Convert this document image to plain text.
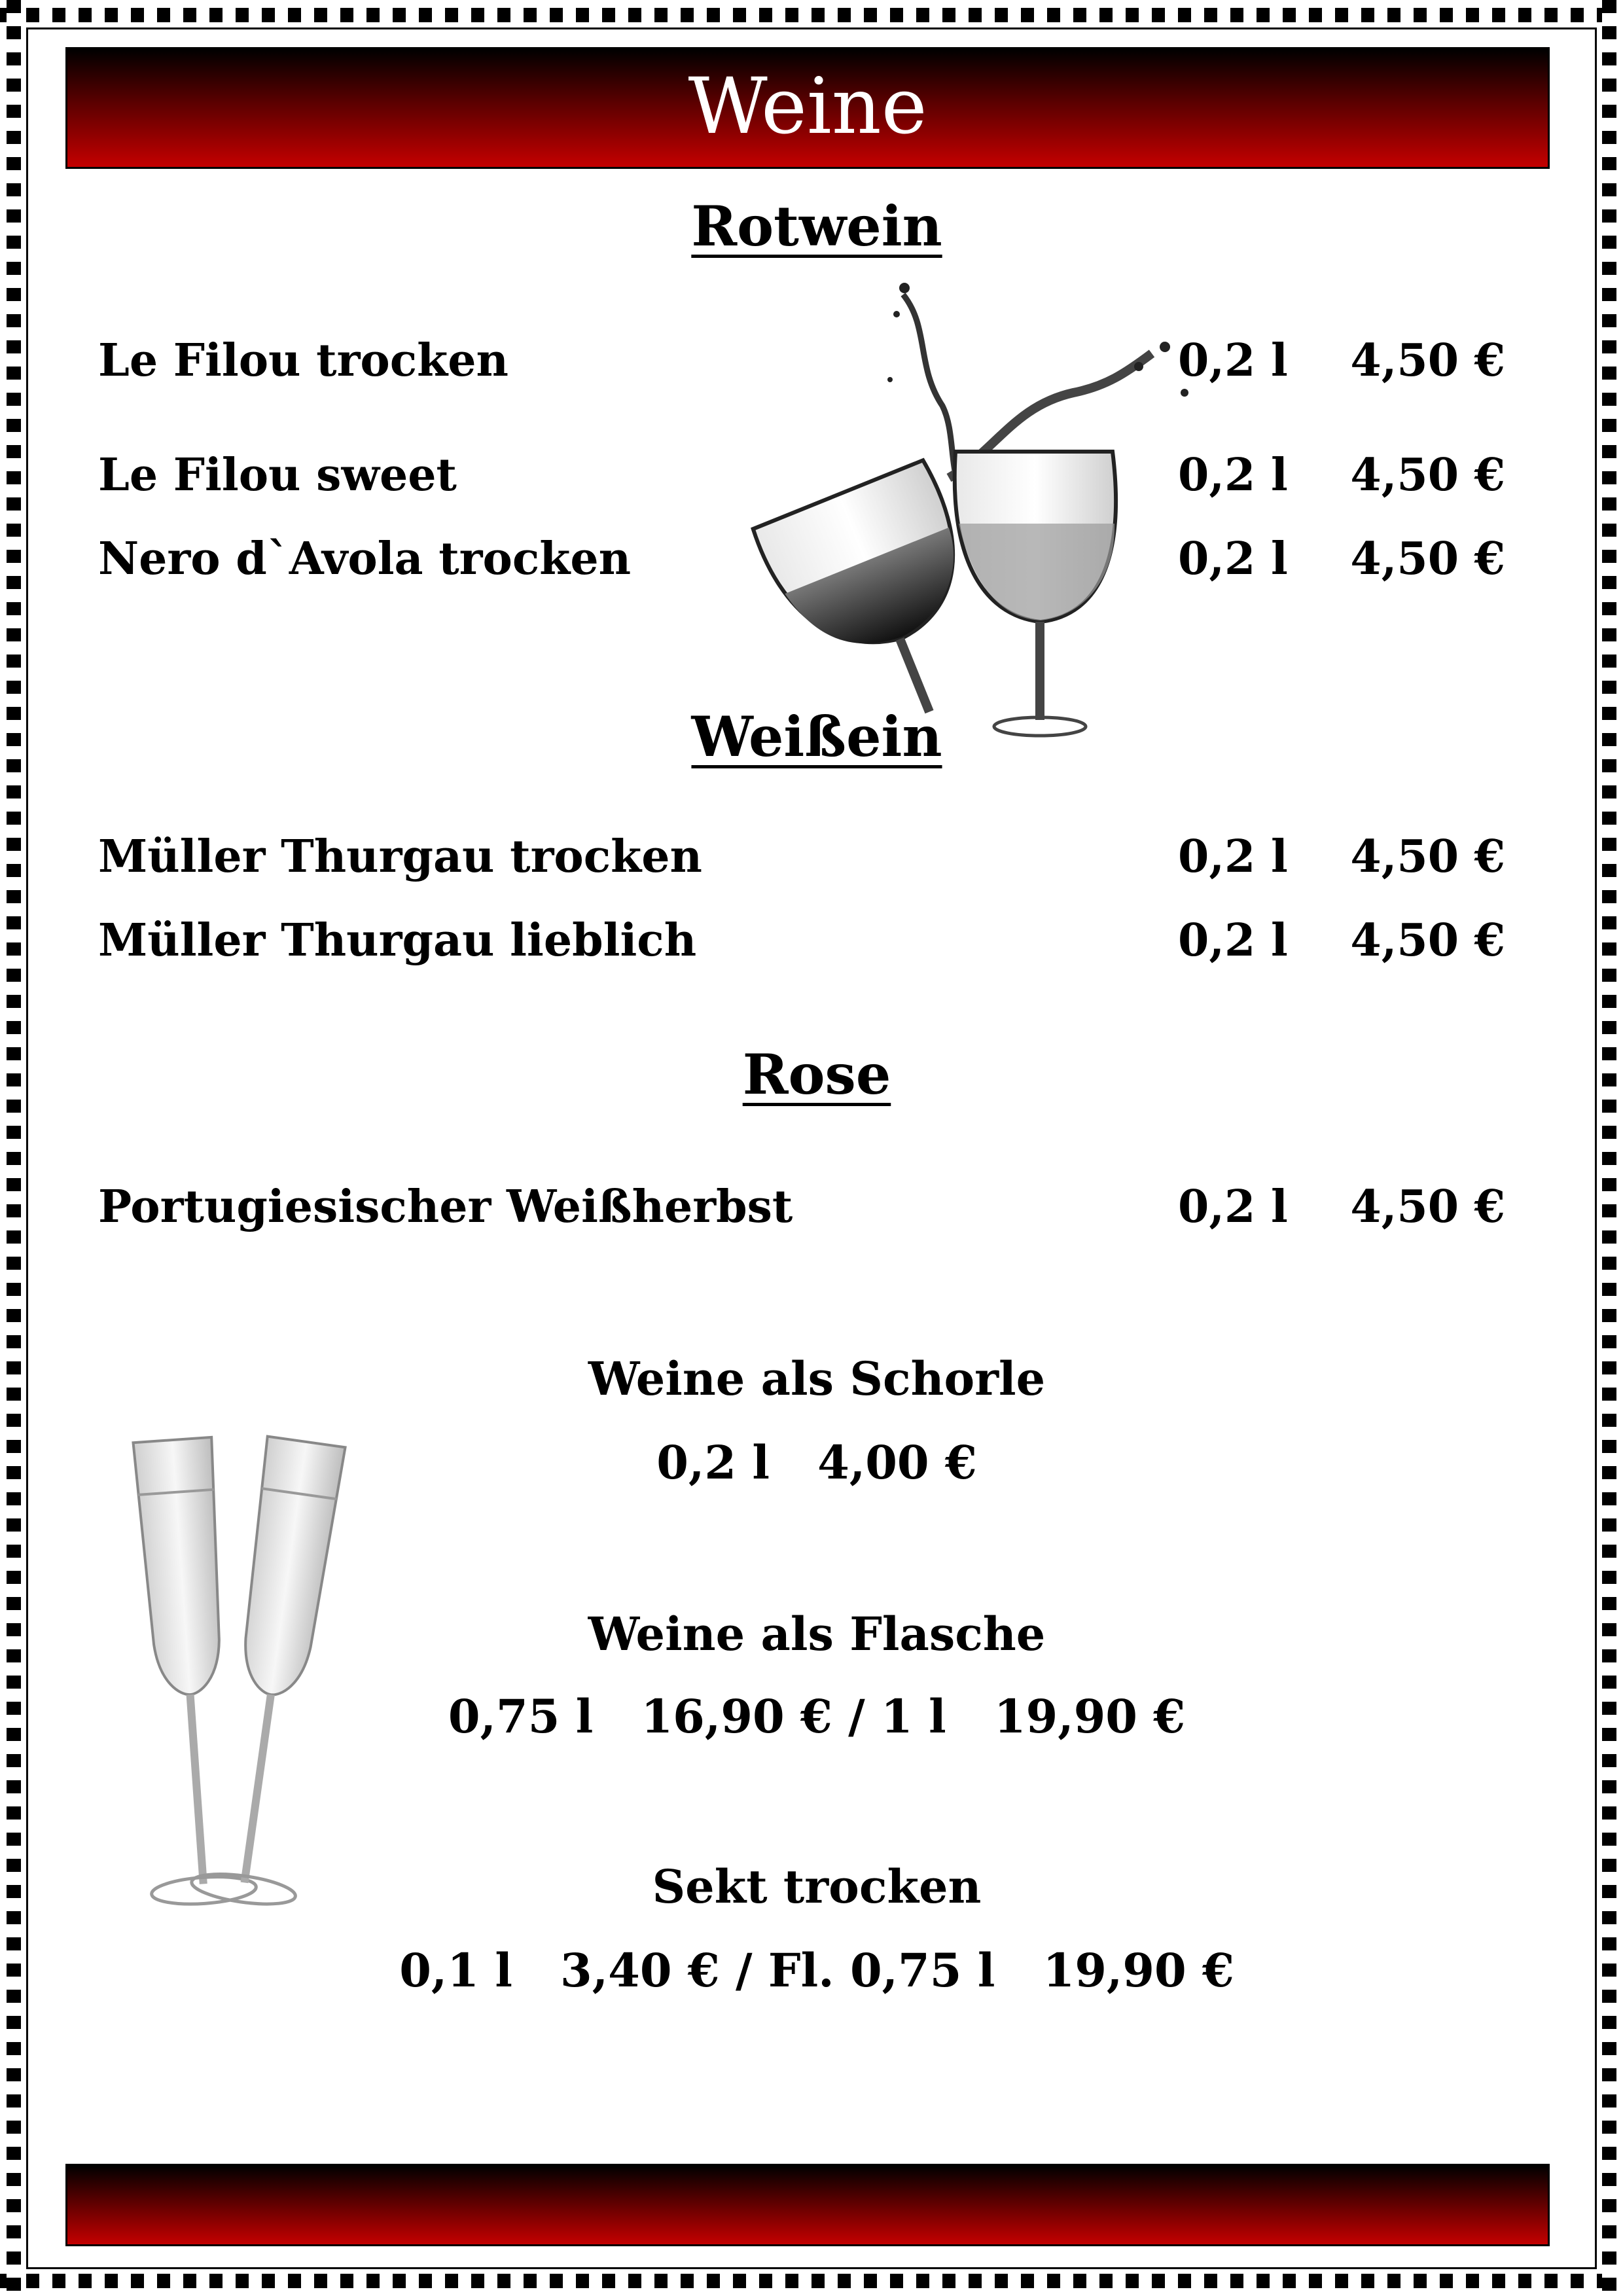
Weine
Rotwein
Le Filou trocken	0,2 l 4,50 €
Le Filou sweet	0,2 l 4,50 €
Nero d`Avola trocken	0,2 l 4,50 €
Weißein
Müller Thurgau trocken	0,2 l 4,50 €
Müller Thurgau lieblich	0,2 l 4,50 €
Rose
Portugiesischer Weißherbst	0,2 l 4,50 €
Weine als Schorle
0,2 l   4,00 €
Weine als Flasche
0,75 l   16,90 € / 1 l   19,90 €
Sekt trocken
0,1 l   3,40 € / Fl. 0,75 l   19,90 €
